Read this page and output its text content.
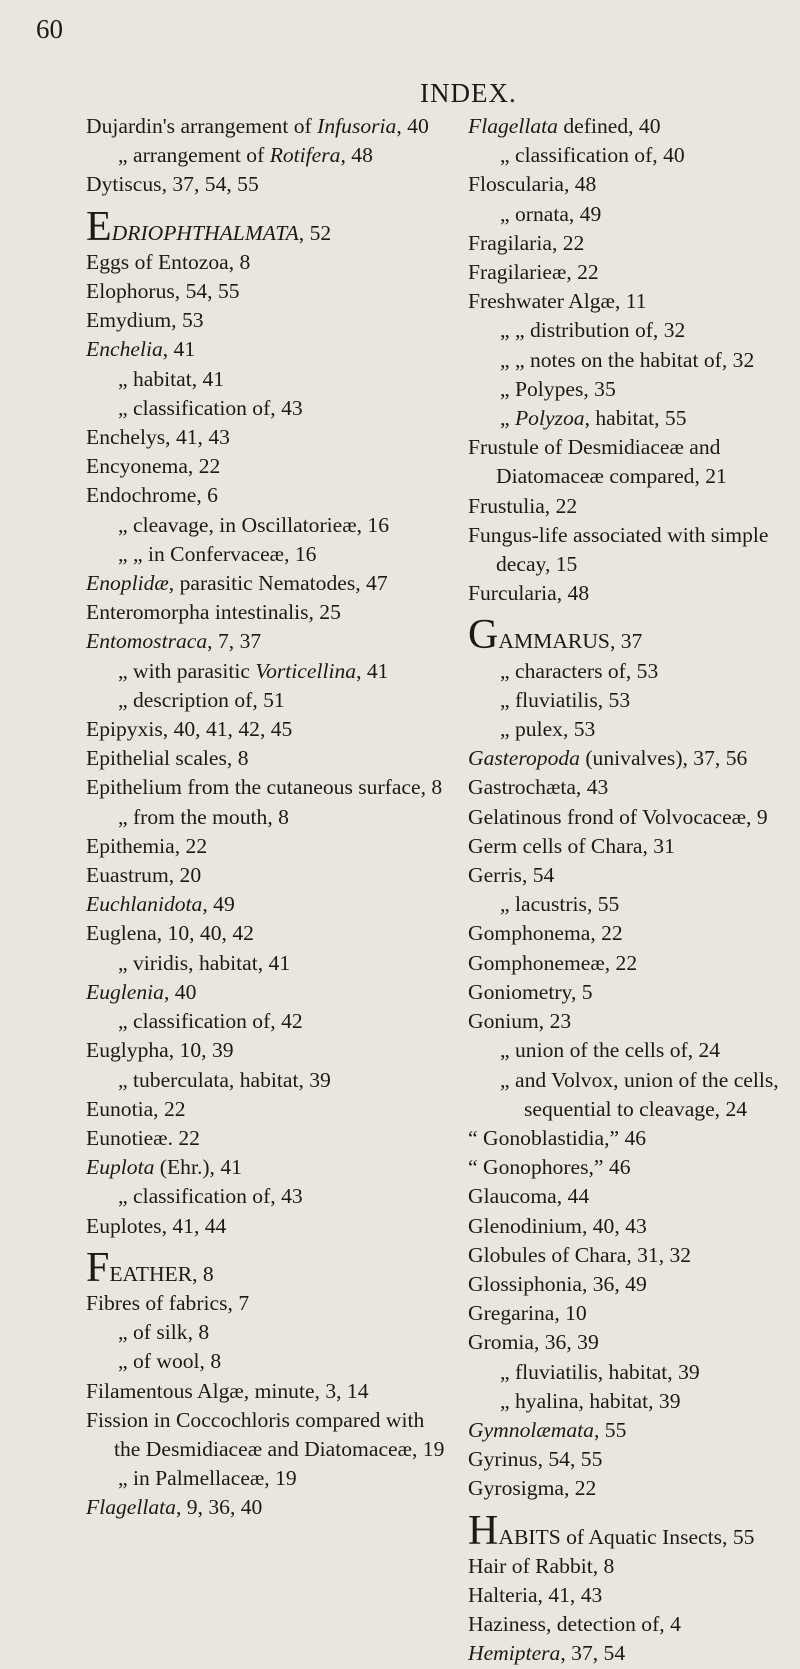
60
INDEX.
Dujardin's arrangement of Infusoria, 40
„ arrangement of Rotifera, 48
Dytiscus, 37, 54, 55
EDRIOPHTHALMATA, 52
Eggs of Entozoa, 8
Elophorus, 54, 55
Emydium, 53
Enchelia, 41
„ habitat, 41
„ classification of, 43
Enchelys, 41, 43
Encyonema, 22
Endochrome, 6
„ cleavage, in Oscillatorieæ, 16
„ „ in Confervaceæ, 16
Enoplidæ, parasitic Nematodes, 47
Enteromorpha intestinalis, 25
Entomostraca, 7, 37
„ with parasitic Vorticellina, 41
„ description of, 51
Epipyxis, 40, 41, 42, 45
Epithelial scales, 8
Epithelium from the cutaneous surface, 8
„ from the mouth, 8
Epithemia, 22
Euastrum, 20
Euchlanidota, 49
Euglena, 10, 40, 42
„ viridis, habitat, 41
Euglenia, 40
„ classification of, 42
Euglypha, 10, 39
„ tuberculata, habitat, 39
Eunotia, 22
Eunotieæ. 22
Euplota (Ehr.), 41
„ classification of, 43
Euplotes, 41, 44
FEATHER, 8
Fibres of fabrics, 7
„ of silk, 8
„ of wool, 8
Filamentous Algæ, minute, 3, 14
Fission in Coccochloris compared with the Desmidiaceæ and Diatomaceæ, 19
„ in Palmellaceæ, 19
Flagellata, 9, 36, 40
Flagellata defined, 40
„ classification of, 40
Floscularia, 48
„ ornata, 49
Fragilaria, 22
Fragilarieæ, 22
Freshwater Algæ, 11
„ „ distribution of, 32
„ „ notes on the habitat of, 32
„ Polypes, 35
„ Polyzoa, habitat, 55
Frustule of Desmidiaceæ and Diatomaceæ compared, 21
Frustulia, 22
Fungus-life associated with simple decay, 15
Furcularia, 48
GAMMARUS, 37
„ characters of, 53
„ fluviatilis, 53
„ pulex, 53
Gasteropoda (univalves), 37, 56
Gastrochæta, 43
Gelatinous frond of Volvocaceæ, 9
Germ cells of Chara, 31
Gerris, 54
„ lacustris, 55
Gomphonema, 22
Gomphonemeæ, 22
Goniometry, 5
Gonium, 23
„ union of the cells of, 24
„ and Volvox, union of the cells, sequential to cleavage, 24
“ Gonoblastidia,” 46
“ Gonophores,” 46
Glaucoma, 44
Glenodinium, 40, 43
Globules of Chara, 31, 32
Glossiphonia, 36, 49
Gregarina, 10
Gromia, 36, 39
„ fluviatilis, habitat, 39
„ hyalina, habitat, 39
Gymnolæmata, 55
Gyrinus, 54, 55
Gyrosigma, 22
HABITS of Aquatic Insects, 55
Hair of Rabbit, 8
Halteria, 41, 43
Haziness, detection of, 4
Hemiptera, 37, 54
